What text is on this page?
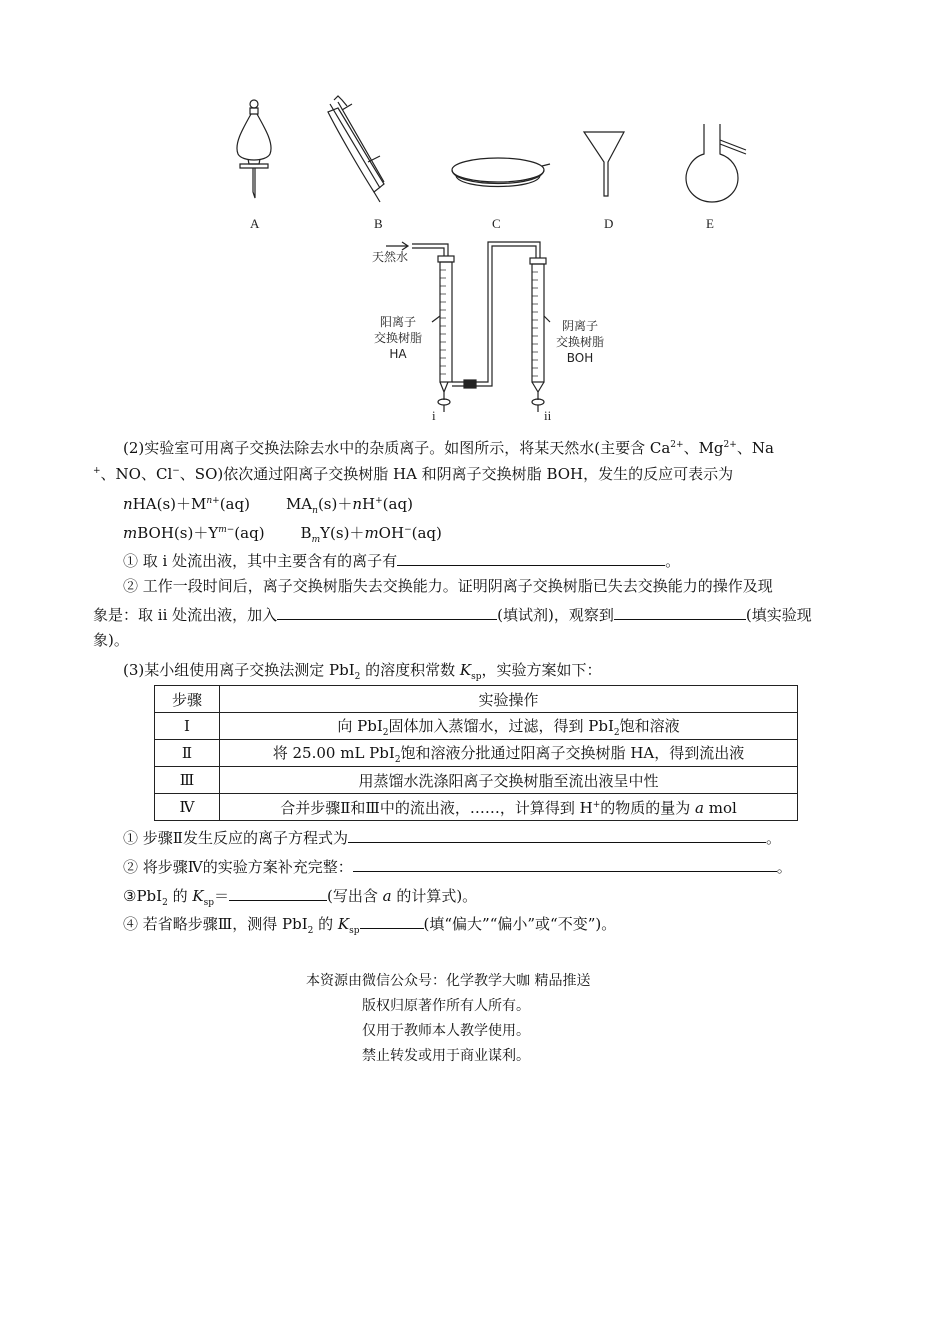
A	B	C	D	E
天然水
阳离子
交换树脂
HA
阴离子
交换树脂
BOH
i	ii
(2)实验室可用离子交换法除去水中的杂质离子。如图所示，将某天然水(主要含 $Ca^{2+}$、$Mg^{2+}$、Na
+、NO、Cl−、SO)依次通过阳离子交换树脂 HA 和阴离子交换树脂 BOH，发生的反应可表示为
$nHA(s)+M^{n+}(aq)$ $MA_n(s)+nH^+(aq)$
$mBOH(s)+Y^{m-}(aq)$ $B_mY(s)+mOH^-(aq)$
① 取 i 处流出液，其中主要含有的离子有	。
② 工作一段时间后，离子交换树脂失去交换能力。证明阴离子交换树脂已失去交换能力的操作及现
象是：取 ii 处流出液，加入	(填试剂)，观察到	(填实验现
象)。
(3)某小组使用离子交换法测定 PbI$_2$ 的溶度积常数 $K_{sp}$，实验方案如下：
步骤	实验操作
Ⅰ	向 PbI$_2$固体加入蒸馏水，过滤，得到 PbI$_2$饱和溶液
Ⅱ	将 25.00 mL PbI$_2$饱和溶液分批通过阳离子交换树脂 HA，得到流出液
Ⅲ	用蒸馏水洗涤阳离子交换树脂至流出液呈中性
Ⅳ	合并步骤Ⅱ和Ⅲ中的流出液，……，计算得到 H+的物质的量为 a mol
① 步骤Ⅱ发生反应的离子方程式为	。
② 将步骤Ⅳ的实验方案补充完整：	。
③PbI$_2$ 的 $K_{sp}=$	(写出含 a 的计算式)。
④ 若省略步骤Ⅲ，测得 PbI$_2$ 的 $K_{sp}$	(填“偏大”“偏小”或“不变”)。
本资源由微信公众号：化学教学大咖 精品推送
版权归原著作所有人所有。
仅用于教师本人教学使用。
禁止转发或用于商业谋利。
